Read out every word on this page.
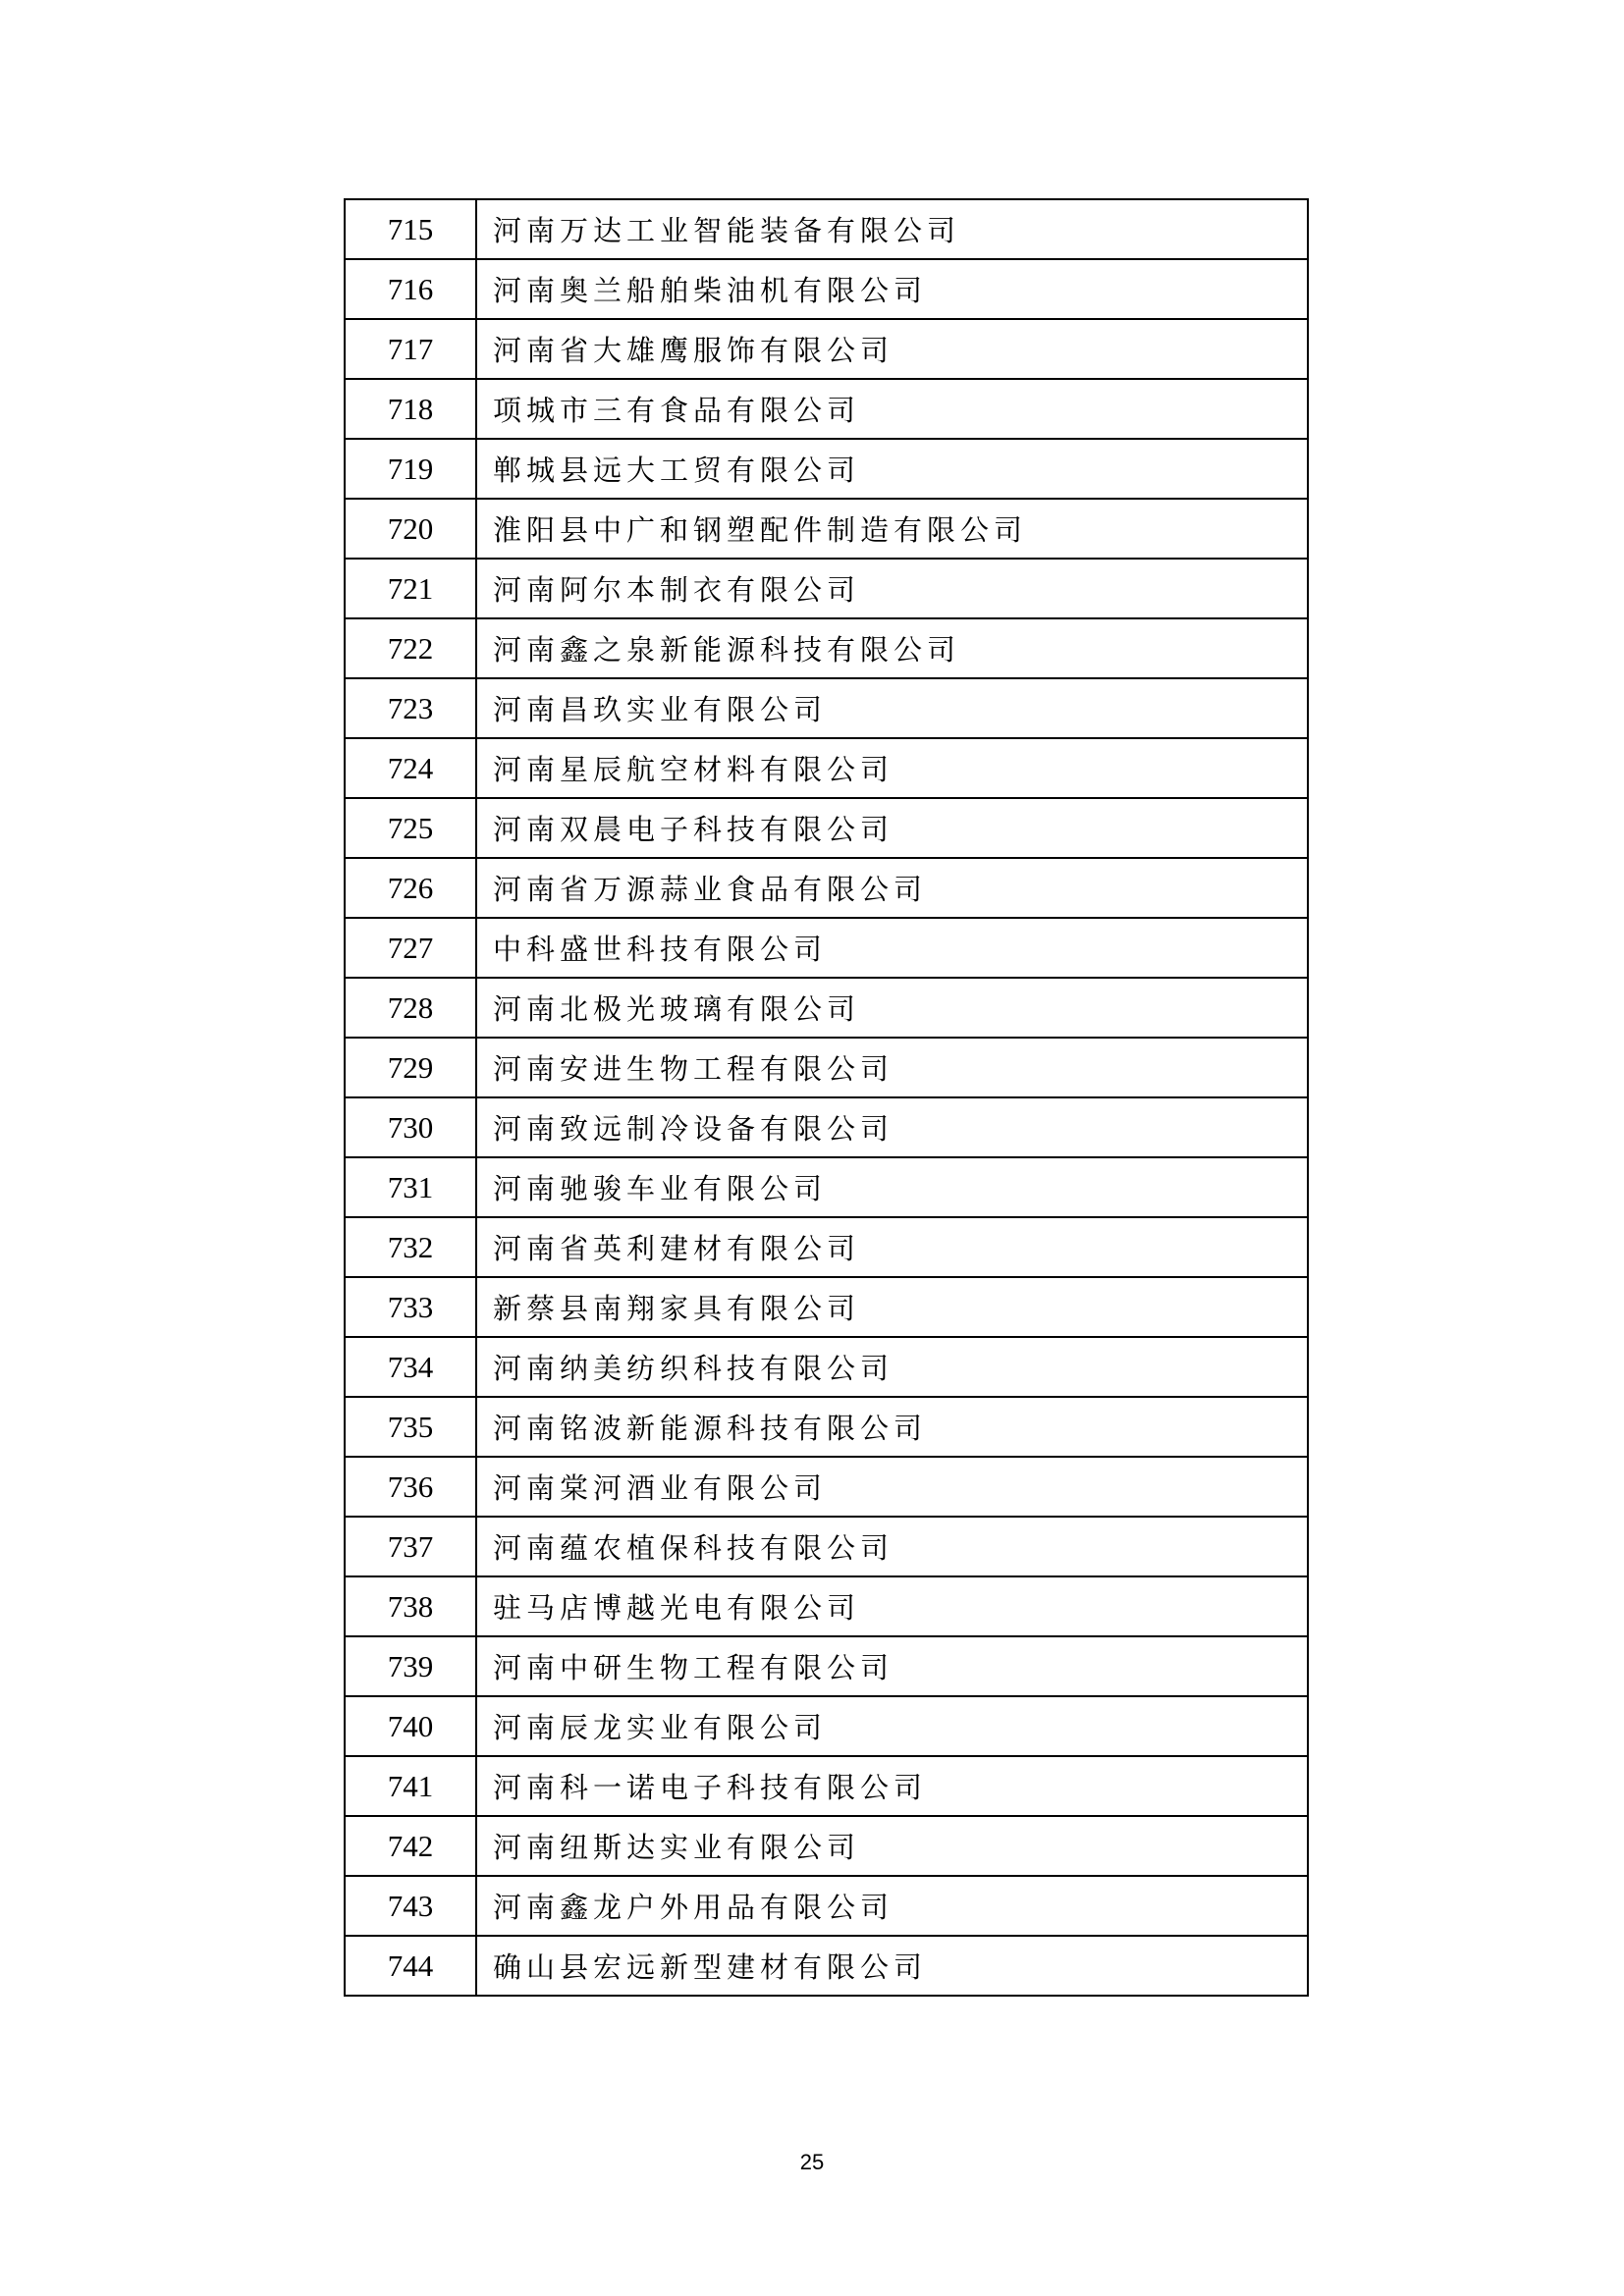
715	河南万达工业智能装备有限公司
716	河南奥兰船舶柴油机有限公司
717	河南省大雄鹰服饰有限公司
718	项城市三有食品有限公司
719	郸城县远大工贸有限公司
720	淮阳县中广和钢塑配件制造有限公司
721	河南阿尔本制衣有限公司
722	河南鑫之泉新能源科技有限公司
723	河南昌玖实业有限公司
724	河南星辰航空材料有限公司
725	河南双晨电子科技有限公司
726	河南省万源蒜业食品有限公司
727	中科盛世科技有限公司
728	河南北极光玻璃有限公司
729	河南安进生物工程有限公司
730	河南致远制冷设备有限公司
731	河南驰骏车业有限公司
732	河南省英利建材有限公司
733	新蔡县南翔家具有限公司
734	河南纳美纺织科技有限公司
735	河南铭波新能源科技有限公司
736	河南棠河酒业有限公司
737	河南蕴农植保科技有限公司
738	驻马店博越光电有限公司
739	河南中研生物工程有限公司
740	河南辰龙实业有限公司
741	河南科一诺电子科技有限公司
742	河南纽斯达实业有限公司
743	河南鑫龙户外用品有限公司
744	确山县宏远新型建材有限公司
25
